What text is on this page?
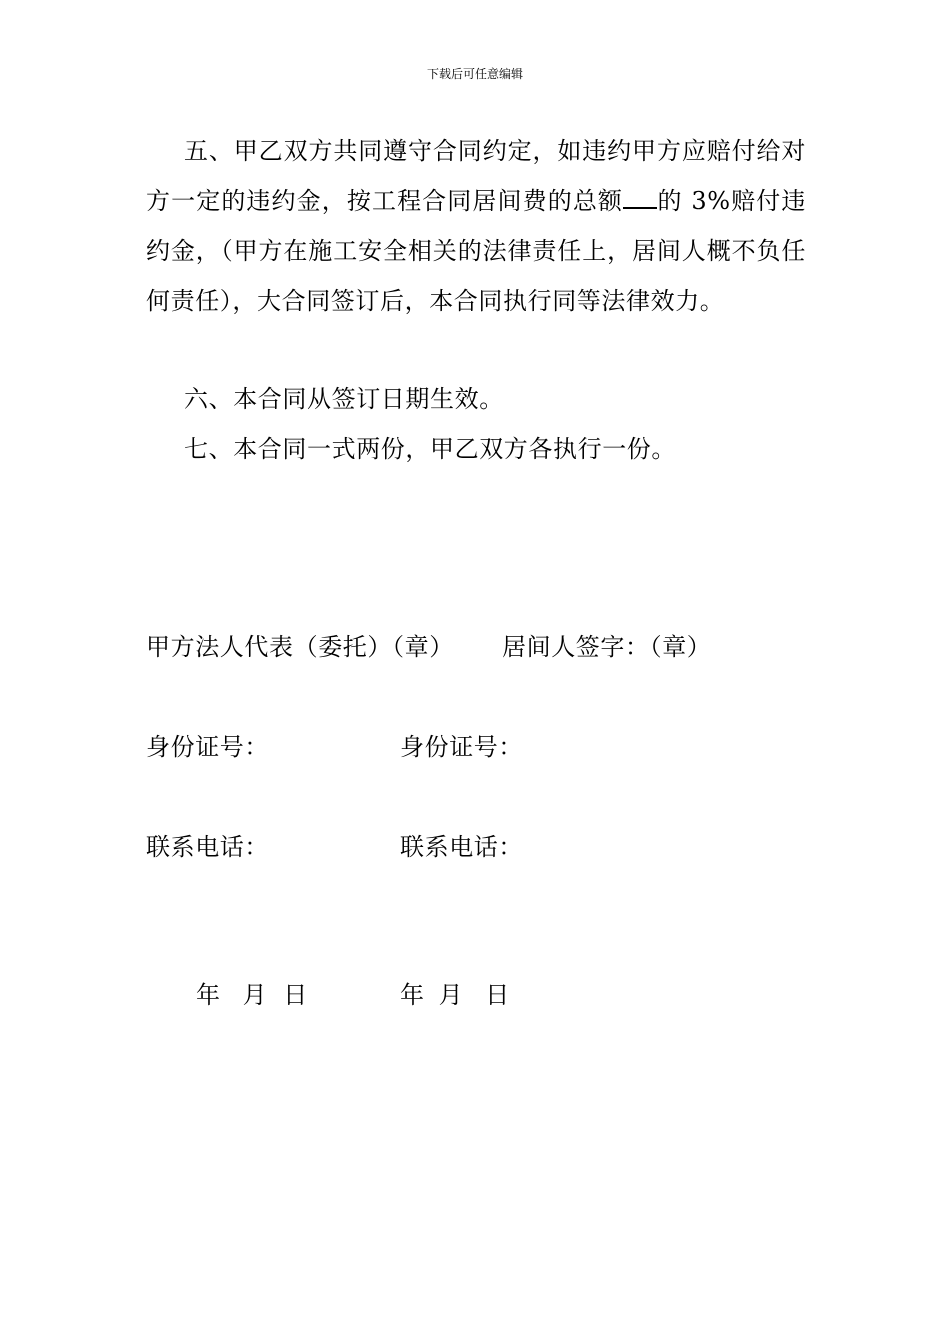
下载后可任意编辑
五、甲乙双方共同遵守合同约定，如违约甲方应赔付给对方一定的违约金，按工程合同居间费的总额 的 3%赔付违约金，（甲方在施工安全相关的法律责任上，居间人概不负任何责任），大合同签订后，本合同执行同等法律效力。
六、本合同从签订日期生效。
七、本合同一式两份，甲乙双方各执行一份。
甲方法人代表（委托）（章） 居间人签字：（章）
身份证号：	身份证号：
联系电话：	联系电话：
年 月 日	年 月 日
